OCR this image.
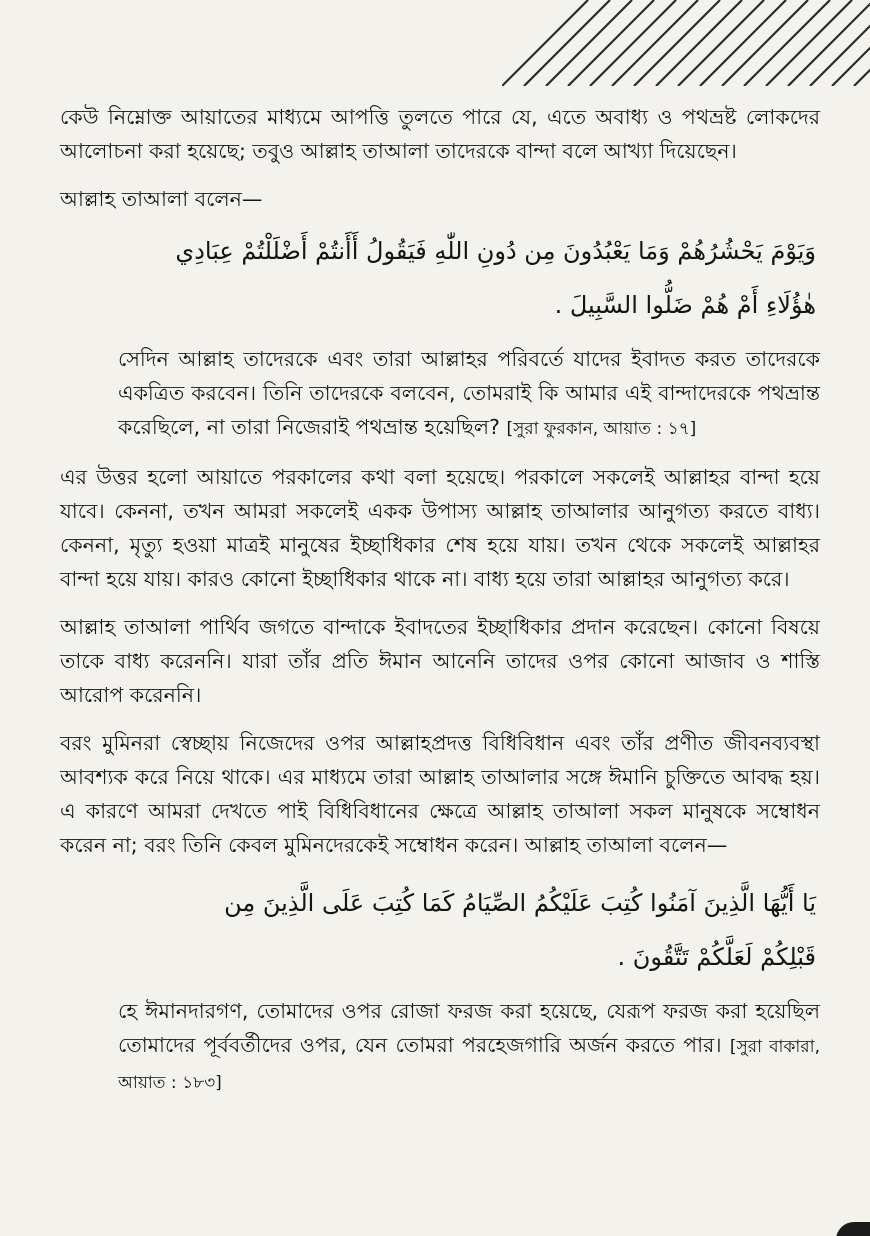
কেউ নিম্নোক্ত আয়াতের মাধ্যমে আপত্তি তুলতে পারে যে, এতে অবাধ্য ও পথভ্রষ্ট লোকদের আলোচনা করা হয়েছে; তবুও আল্লাহ তাআলা তাদেরকে বান্দা বলে আখ্যা দিয়েছেন।

আল্লাহ তাআলা বলেন—

وَيَوْمَ يَحْشُرُهُمْ وَمَا يَعْبُدُونَ مِن دُونِ اللّٰهِ فَيَقُولُ أَأَنتُمْ أَضْلَلْتُمْ عِبَادِي
هٰؤُلَاءِ أَمْ هُمْ ضَلُّوا السَّبِيلَ .

সেদিন আল্লাহ তাদেরকে এবং তারা আল্লাহর পরিবর্তে যাদের ইবাদত করত তাদেরকে একত্রিত করবেন। তিনি তাদেরকে বলবেন, তোমরাই কি আমার এই বান্দাদেরকে পথভ্রান্ত করেছিলে, না তারা নিজেরাই পথভ্রান্ত হয়েছিল? [সুরা ফুরকান, আয়াত : ১৭]

এর উত্তর হলো আয়াতে পরকালের কথা বলা হয়েছে। পরকালে সকলেই আল্লাহর বান্দা হয়ে যাবে। কেননা, তখন আমরা সকলেই একক উপাস্য আল্লাহ তাআলার আনুগত্য করতে বাধ্য। কেননা, মৃত্যু হওয়া মাত্রই মানুষের ইচ্ছাধিকার শেষ হয়ে যায়। তখন থেকে সকলেই আল্লাহর বান্দা হয়ে যায়। কারও কোনো ইচ্ছাধিকার থাকে না। বাধ্য হয়ে তারা আল্লাহর আনুগত্য করে।

আল্লাহ তাআলা পার্থিব জগতে বান্দাকে ইবাদতের ইচ্ছাধিকার প্রদান করেছেন। কোনো বিষয়ে তাকে বাধ্য করেননি। যারা তাঁর প্রতি ঈমান আনেনি তাদের ওপর কোনো আজাব ও শাস্তি আরোপ করেননি।

বরং মুমিনরা স্বেচ্ছায় নিজেদের ওপর আল্লাহপ্রদত্ত বিধিবিধান এবং তাঁর প্রণীত জীবনব্যবস্থা আবশ্যক করে নিয়ে থাকে। এর মাধ্যমে তারা আল্লাহ তাআলার সঙ্গে ঈমানি চুক্তিতে আবদ্ধ হয়। এ কারণে আমরা দেখতে পাই বিধিবিধানের ক্ষেত্রে আল্লাহ তাআলা সকল মানুষকে সম্বোধন করেন না; বরং তিনি কেবল মুমিনদেরকেই সম্বোধন করেন। আল্লাহ তাআলা বলেন—

يَا أَيُّهَا الَّذِينَ آمَنُوا كُتِبَ عَلَيْكُمُ الصِّيَامُ كَمَا كُتِبَ عَلَى الَّذِينَ مِن
قَبْلِكُمْ لَعَلَّكُمْ تَتَّقُونَ .

হে ঈমানদারগণ, তোমাদের ওপর রোজা ফরজ করা হয়েছে, যেরূপ ফরজ করা হয়েছিল তোমাদের পূর্ববর্তীদের ওপর, যেন তোমরা পরহেজগারি অর্জন করতে পার। [সুরা বাকারা, আয়াত : ১৮৩]
